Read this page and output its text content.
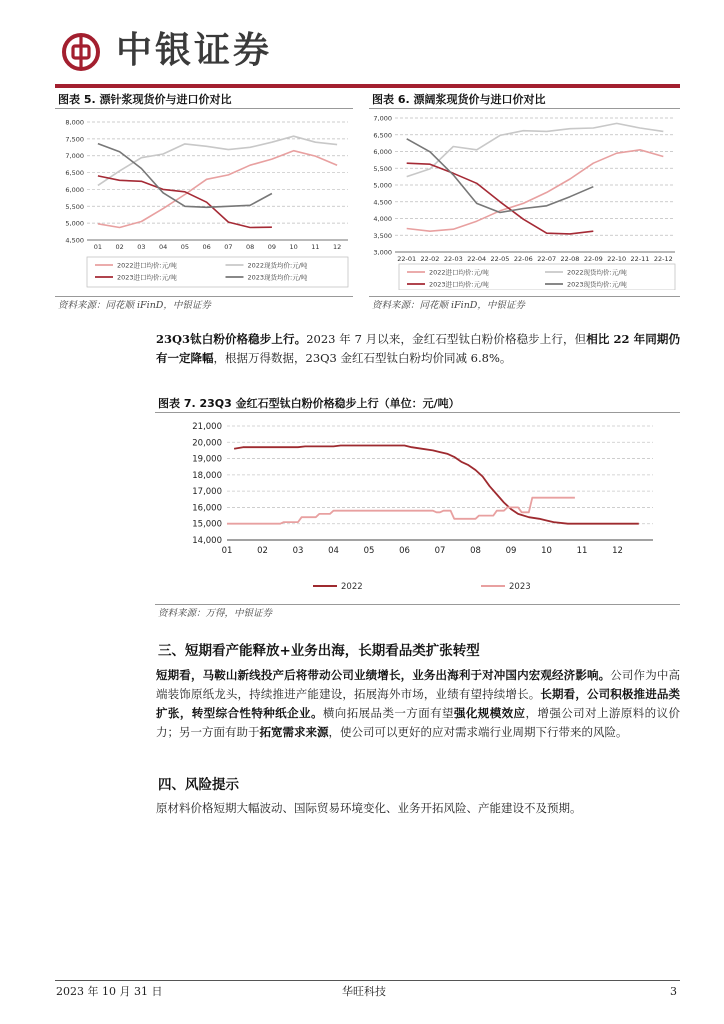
中银证券
图表 5. 漂针浆现货价与进口价对比
8,000
7,500
7,000
6,500
6,000
5,500
5,000
4,500
01 02 03 04 05 06 07 08 09 10 11 12
2022进口均价:元/吨	2022现货均价:元/吨
2023进口均价:元/吨	2023现货均价:元/吨
资料来源：同花顺 iFinD，中银证券
图表 6. 漂阔浆现货价与进口价对比
7,000
6,500
6,000
5,500
5,000
4,500
4,000
3,500
3,000
22-01 22-02 22-03 22-04 22-05 22-06 22-07 22-08 22-09 22-10 22-11 22-12
2022进口均价:元/吨	2022现货均价:元/吨
2023进口均价:元/吨	2023现货均价:元/吨
资料来源：同花顺 iFinD，中银证券
23Q3钛白粉价格稳步上行。2023 年 7 月以来，金红石型钛白粉价格稳步上行，但相比 22 年同期仍有一定降幅，根据万得数据，23Q3 金红石型钛白粉均价同减 6.8%。
图表 7. 23Q3 金红石型钛白粉价格稳步上行（单位：元/吨）
21,000
20,000
19,000
18,000
17,000
16,000
15,000
14,000
01	02	03	04	05	06	07	08	09	10	11	12
2022	2023
资料来源：万得，中银证券
三、短期看产能释放+业务出海，长期看品类扩张转型
短期看，马鞍山新线投产后将带动公司业绩增长，业务出海利于对冲国内宏观经济影响。公司作为中高端装饰原纸龙头，持续推进产能建设，拓展海外市场，业绩有望持续增长。长期看，公司积极推进品类扩张，转型综合性特种纸企业。横向拓展品类一方面有望强化规模效应，增强公司对上游原料的议价力；另一方面有助于拓宽需求来源，使公司可以更好的应对需求端行业周期下行带来的风险。
四、风险提示
原材料价格短期大幅波动、国际贸易环境变化、业务开拓风险、产能建设不及预期。
2023 年 10 月 31 日	华旺科技	3
